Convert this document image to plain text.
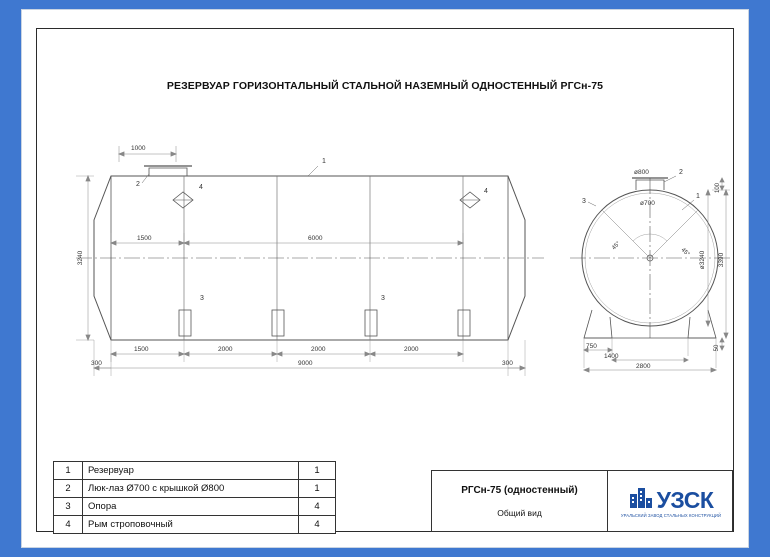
РЕЗЕРВУАР ГОРИЗОНТАЛЬНЫЙ СТАЛЬНОЙ НАЗЕМНЫЙ ОДНОСТЕННЫЙ РГСн-75
1000
1
2	4
4
3	3
1500	6000
1500	2000	2000	2000
300	9000	300
3240
ø800	2
ø700
1
3
45°
45°
100
ø3240 3390
50
750
1400
2800
1	Резервуар	1
2	Люк-лаз Ø700 с крышкой Ø800	1
3	Опора	4
4	Рым строповочный	4
РГСн-75 (одностенный)
Общий вид	УЗСК
УРАЛЬСКИЙ ЗАВОД СТАЛЬНЫХ КОНСТРУКЦИЙ
